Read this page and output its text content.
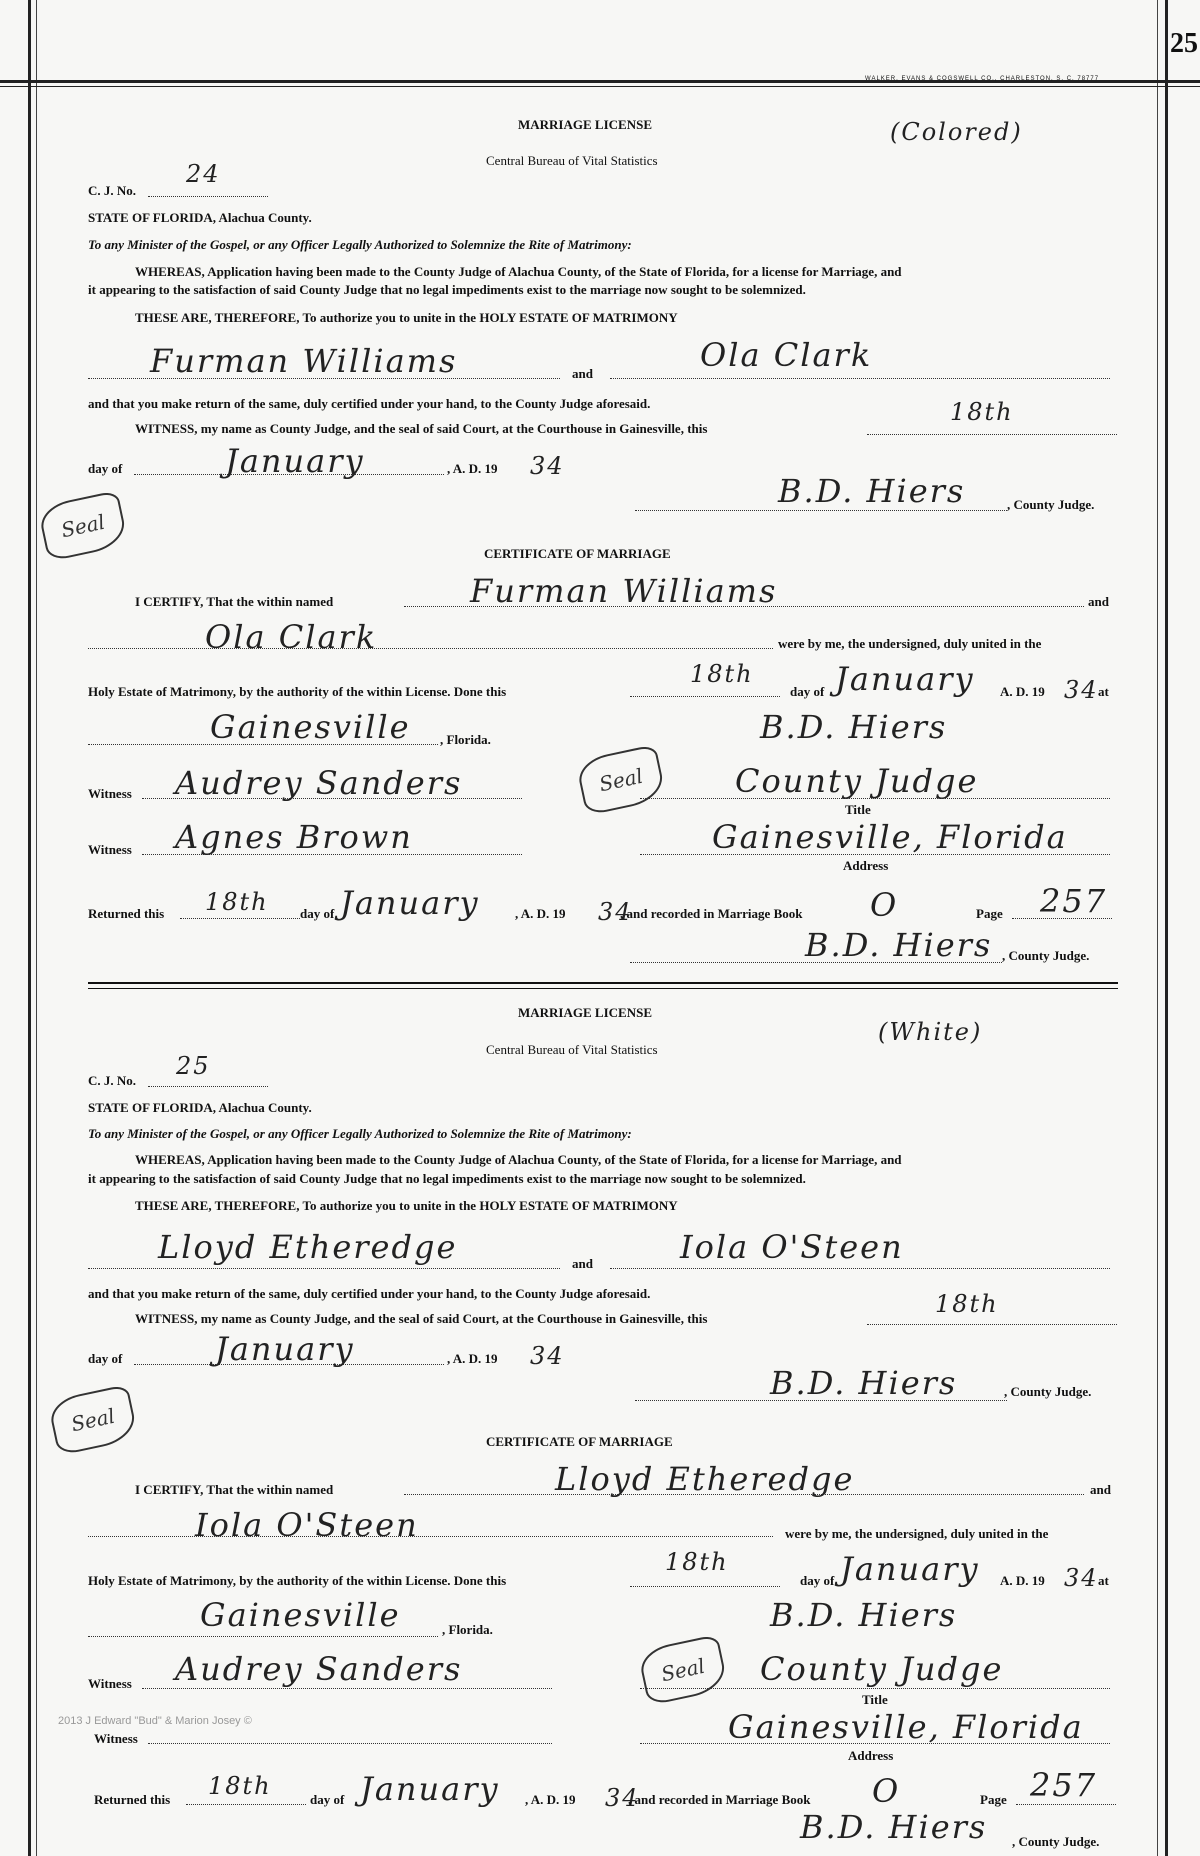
WALKER, EVANS & COGSWELL CO., CHARLESTON, S. C. 78777
25
MARRIAGE LICENSE	(Colored)
Central Bureau of Vital Statistics
C. J. No.
24
STATE OF FLORIDA, Alachua County.
To any Minister of the Gospel, or any Officer Legally Authorized to Solemnize the Rite of Matrimony:
WHEREAS, Application having been made to the County Judge of Alachua County, of the State of Florida, for a license for Marriage, and
it appearing to the satisfaction of said County Judge that no legal impediments exist to the marriage now sought to be solemnized.
THESE ARE, THEREFORE, To authorize you to unite in the HOLY ESTATE OF MATRIMONY
Furman Williams	and	Ola Clark
and that you make return of the same, duly certified under your hand, to the County Judge aforesaid.
WITNESS, my name as County Judge, and the seal of said Court, at the Courthouse in Gainesville, this
18th
day of	January	, A. D. 19 34
Seal
B.D. Hiers	, County Judge.
CERTIFICATE OF MARRIAGE
I CERTIFY, That the within named	Furman Williams	and
Ola Clark	were by me, the undersigned, duly united in the
Holy Estate of Matrimony, by the authority of the within License. Done this
18th
day of January A. D. 19 34 at
Gainesville , Florida.	B.D. Hiers
Seal
Witness Audrey Sanders	County Judge
Title
Witness Agnes Brown	Gainesville, Florida
Address
Returned this 18th day of January	, A. D. 19 34
, and recorded in Marriage Book O	Page 257
B.D. Hiers , County Judge.
MARRIAGE LICENSE
(White)
Central Bureau of Vital Statistics
C. J. No.
25
STATE OF FLORIDA, Alachua County.
To any Minister of the Gospel, or any Officer Legally Authorized to Solemnize the Rite of Matrimony:
WHEREAS, Application having been made to the County Judge of Alachua County, of the State of Florida, for a license for Marriage, and
it appearing to the satisfaction of said County Judge that no legal impediments exist to the marriage now sought to be solemnized.
THESE ARE, THEREFORE, To authorize you to unite in the HOLY ESTATE OF MATRIMONY
Lloyd Etheredge	and	Iola O'Steen
and that you make return of the same, duly certified under your hand, to the County Judge aforesaid.
WITNESS, my name as County Judge, and the seal of said Court, at the Courthouse in Gainesville, this
18th
day of	January	, A. D. 19 34
Seal
B.D. Hiers	, County Judge.
CERTIFICATE OF MARRIAGE
I CERTIFY, That the within named	Lloyd Etheredge	and
Iola O'Steen	were by me, the undersigned, duly united in the
Holy Estate of Matrimony, by the authority of the within License. Done this
18th
day of January A. D. 19 34 at
Gainesville	, Florida.	B.D. Hiers
Seal
Witness Audrey Sanders	County Judge
Title
Witness	Gainesville, Florida
Address
Returned this 18th	day of January , A. D. 19 34
, and recorded in Marriage Book O	Page 257
B.D. Hiers , County Judge.
2013 J Edward "Bud" & Marion Josey ©
